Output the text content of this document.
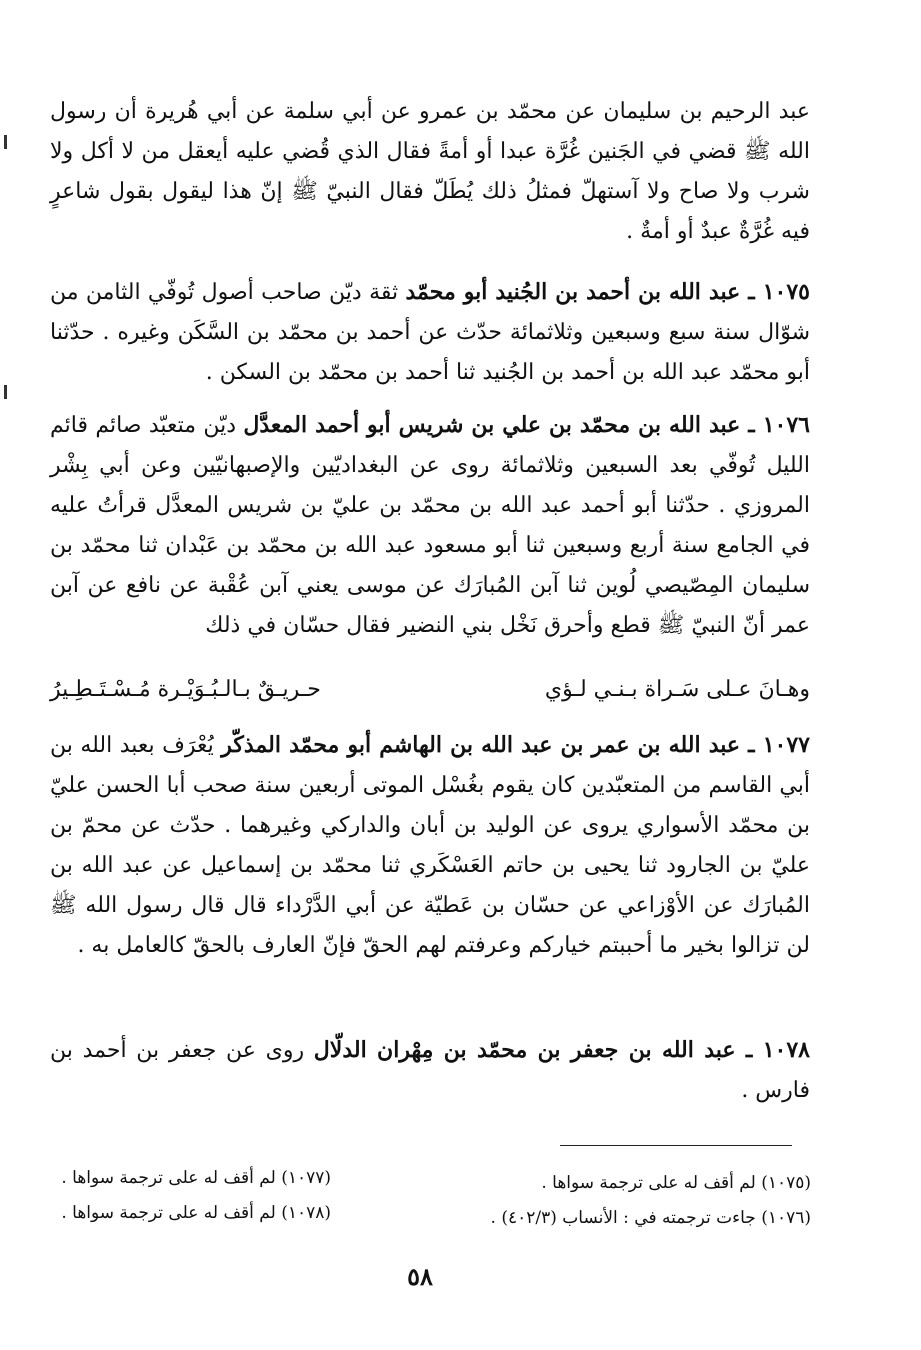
عبد الرحيم بن سليمان عن محمّد بن عمرو عن أبي سلمة عن أبي هُريرة أن رسول الله ﷺ قضي في الجَنين غُرَّة عبدا أو أمةً فقال الذي قُضي عليه أيعقل من لا أكل ولا شرب ولا صاح ولا آستهلّ فمثلُ ذلك يُطَلّ فقال النبيّ ﷺ إنّ هذا ليقول بقول شاعرٍ فيه غُرَّةٌ عبدٌ أو أمةٌ .

١٠٧٥ ـ عبد الله بن أحمد بن الجُنيد أبو محمّد ثقة ديّن صاحب أصول تُوفّي الثامن من شوّال سنة سبع وسبعين وثلاثمائة حدّث عن أحمد بن محمّد بن السَّكَن وغيره . حدّثنا أبو محمّد عبد الله بن أحمد بن الجُنيد ثنا أحمد بن محمّد بن السكن .

١٠٧٦ ـ عبد الله بن محمّد بن علي بن شريس أبو أحمد المعدَّل ديّن متعبّد صائم قائم الليل تُوفّي بعد السبعين وثلاثمائة روى عن البغداديّين والإصبهانيّين وعن أبي بِشْر المروزي . حدّثنا أبو أحمد عبد الله بن محمّد بن عليّ بن شريس المعدَّل قرأتُ عليه في الجامع سنة أربع وسبعين ثنا أبو مسعود عبد الله بن محمّد بن عَبْدان ثنا محمّد بن سليمان المِصّيصي لُوين ثنا آبن المُبارَك عن موسى يعني آبن عُقْبة عن نافع عن آبن عمر أنّ النبيّ ﷺ قطع وأحرق نَخْل بني النضير فقال حسّان في ذلك

وهـانَ عـلى سَـراة بـنـي لـؤي
حـريـقٌ بـالـبُـوَيْـرة مُـسْـتَـطِـيرُ

١٠٧٧ ـ عبد الله بن عمر بن عبد الله بن الهاشم أبو محمّد المذكّر يُعْرَف بعبد الله بن أبي القاسم من المتعبّدين كان يقوم بغُسْل الموتى أربعين سنة صحب أبا الحسن عليّ بن محمّد الأسواري يروى عن الوليد بن أبان والداركي وغيرهما . حدّث عن محمّ بن عليّ بن الجارود ثنا يحيى بن حاتم العَسْكَري ثنا محمّد بن إسماعيل عن عبد الله بن المُبارَك عن الأوْزاعي عن حسّان بن عَطيّة عن أبي الدَّرْداء قال قال رسول الله ﷺ لن تزالوا بخير ما أحببتم خياركم وعرفتم لهم الحقّ فإنّ العارف بالحقّ كالعامل به .

١٠٧٨ ـ عبد الله بن جعفر بن محمّد بن مِهْران الدلّال روى عن جعفر بن أحمد بن فارس .

(١٠٧٥) لم أقف له على ترجمة سواها .
(١٠٧٦) جاءت ترجمته في : الأنساب (٤٠٢/٣) .
(١٠٧٧) لم أقف له على ترجمة سواها .
(١٠٧٨) لم أقف له على ترجمة سواها .
٥٨
